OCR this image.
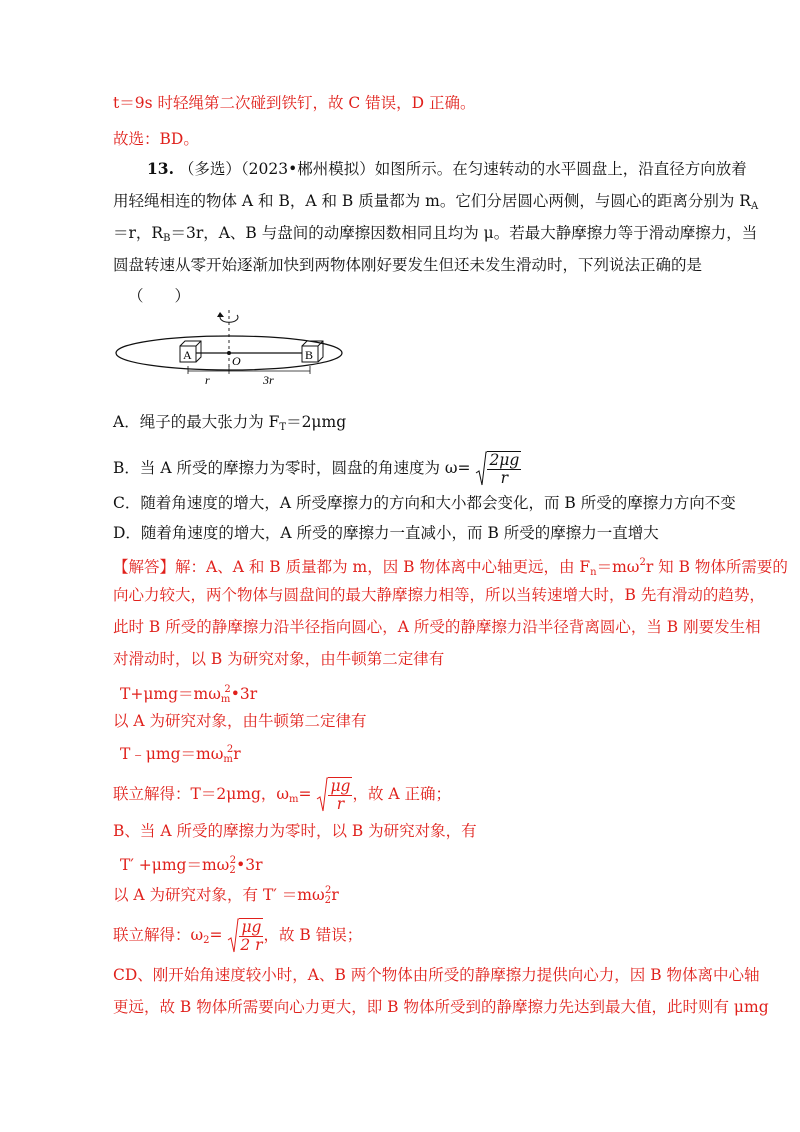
t＝9s 时轻绳第二次碰到铁钉，故 C 错误，D 正确。
故选：BD。
13. （多选）（2023•郴州模拟）如图所示。在匀速转动的水平圆盘上，沿直径方向放着
用轻绳相连的物体 A 和 B，A 和 B 质量都为 m。它们分居圆心两侧，与圆心的距离分别为 $R_A$
＝r，$R_B=3r$，A、B 与盘间的动摩擦因数相同且均为 μ。若最大静摩擦力等于滑动摩擦力，当
圆盘转速从零开始逐渐加快到两物体刚好要发生但还未发生滑动时，下列说法正确的是
（　　）
A	B
O
r	3r
A．绳子的最大张力为 $F_T=2\mu mg$
B．当 A 所受的摩擦力为零时，圆盘的角速度为 $\omega= \frac{2\mu g}{r}$
C．随着角速度的增大，A 所受摩擦力的方向和大小都会变化，而 B 所受的摩擦力方向不变
D．随着角速度的增大，A 所受的摩擦力一直减小，而 B 所受的摩擦力一直增大
【解答】解：A、A 和 B 质量都为 m，因 B 物体离中心轴更远，由 $F_n=m\omega^2r$ 知 B 物体所需要的
向心力较大，两个物体与圆盘间的最大静摩擦力相等，所以当转速增大时，B 先有滑动的趋势，
此时 B 所受的静摩擦力沿半径指向圆心，A 所受的静摩擦力沿半径背离圆心，当 B 刚要发生相
对滑动时，以 B 为研究对象，由牛顿第二定律有
$T+\mu mg=m\omega_m^2•3r$
以 A 为研究对象，由牛顿第二定律有
$T﹣\mu mg=m\omega_m^2r$
联立解得：T＝2μmg，$\omega_m= \frac{\mu g}{r}$ ，故 A 正确；
B、当 A 所受的摩擦力为零时，以 B 为研究对象，有
$T' +\mu mg=m\omega_2^2•3r$
以 A 为研究对象，有 $T' =m\omega_2^2r$
联立解得：$\omega_2= \frac{\mu g}{2 r}$ ，故 B 错误；
CD、刚开始角速度较小时，A、B 两个物体由所受的静摩擦力提供向心力，因 B 物体离中心轴
更远，故 B 物体所需要向心力更大，即 B 物体所受到的静摩擦力先达到最大值，此时则有 μmg
